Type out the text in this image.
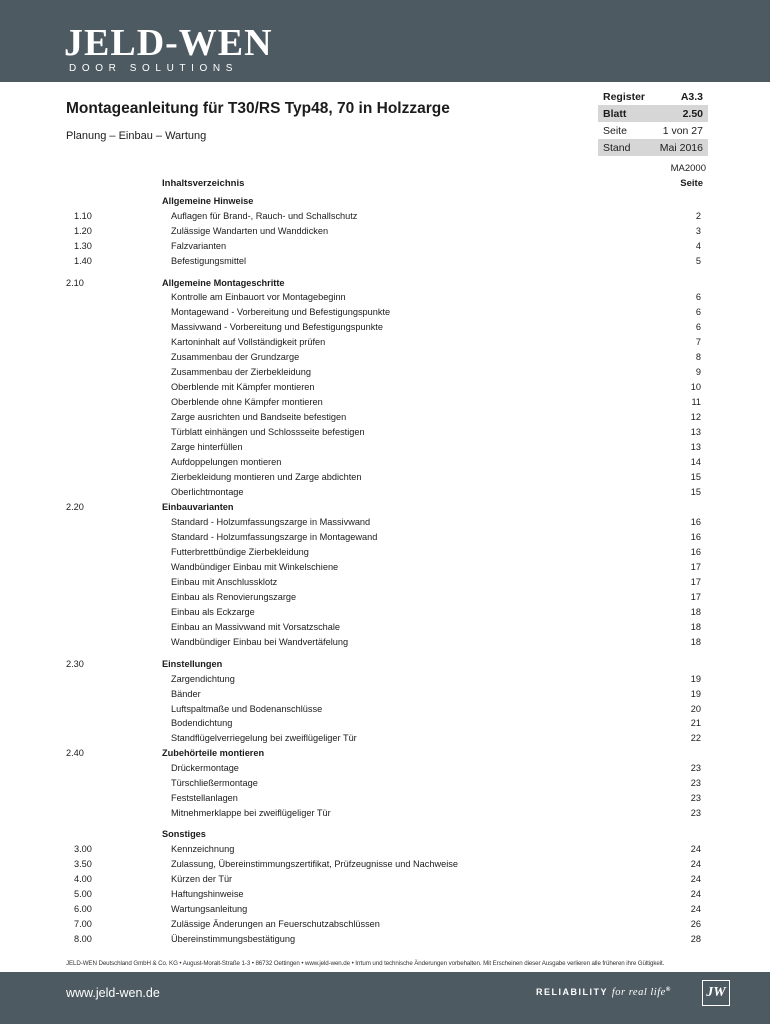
JELD-WEN
DOOR SOLUTIONS
Montageanleitung für T30/RS Typ48, 70 in Holzzarge

Planung – Einbau – Wartung

Register	A3.3
Blatt	2.50
Seite	1 von 27
Stand	Mai 2016
MA2000
Inhaltsverzeichnis	Seite
Allgemeine Hinweise
1.10	Auflagen für Brand-, Rauch- und Schallschutz	2
1.20	Zulässige Wandarten und Wanddicken	3
1.30	Falzvarianten	4
1.40	Befestigungsmittel	5
2.10	Allgemeine Montageschritte
Kontrolle am Einbauort vor Montagebeginn	6
Montagewand - Vorbereitung und Befestigungspunkte	6
Massivwand - Vorbereitung und Befestigungspunkte	6
Kartoninhalt auf Vollständigkeit prüfen	7
Zusammenbau der Grundzarge	8
Zusammenbau der Zierbekleidung	9
Oberblende mit Kämpfer montieren	10
Oberblende ohne Kämpfer montieren	11
Zarge ausrichten und Bandseite befestigen	12
Türblatt einhängen und Schlossseite befestigen	13
Zarge hinterfüllen	13
Aufdoppelungen montieren	14
Zierbekleidung montieren und Zarge abdichten	15
Oberlichtmontage	15
2.20	Einbauvarianten
Standard - Holzumfassungszarge in Massivwand	16
Standard - Holzumfassungszarge in Montagewand	16
Futterbrettbündige Zierbekleidung	16
Wandbündiger Einbau mit Winkelschiene	17
Einbau mit Anschlussklotz	17
Einbau als Renovierungszarge	17
Einbau als Eckzarge	18
Einbau an Massivwand mit Vorsatzschale	18
Wandbündiger Einbau bei Wandvertäfelung	18
2.30	Einstellungen
Zargendichtung	19
Bänder	19
Luftspaltmaße und Bodenanschlüsse	20
Bodendichtung	21
Standflügelverriegelung bei zweiflügeliger Tür	22
2.40	Zubehörteile montieren
Drückermontage	23
Türschließermontage	23
Feststellanlagen	23
Mitnehmerklappe bei zweiflügeliger Tür	23
Sonstiges
3.00	Kennzeichnung	24
3.50	Zulassung, Übereinstimmungszertifikat, Prüfzeugnisse und Nachweise	24
4.00	Kürzen der Tür	24
5.00	Haftungshinweise	24
6.00	Wartungsanleitung	24
7.00	Zulässige Änderungen an Feuerschutzabschlüssen	26
8.00	Übereinstimmungsbestätigung	28
JELD-WEN Deutschland GmbH & Co. KG • August-Moralt-Straße 1-3 • 86732 Oettingen • www.jeld-wen.de • Irrtum und technische Änderungen vorbehalten. Mit Erscheinen dieser Ausgabe verlieren alle früheren ihre Gültigkeit.
www.jeld-wen.de	RELIABILITY for real life®	JW
